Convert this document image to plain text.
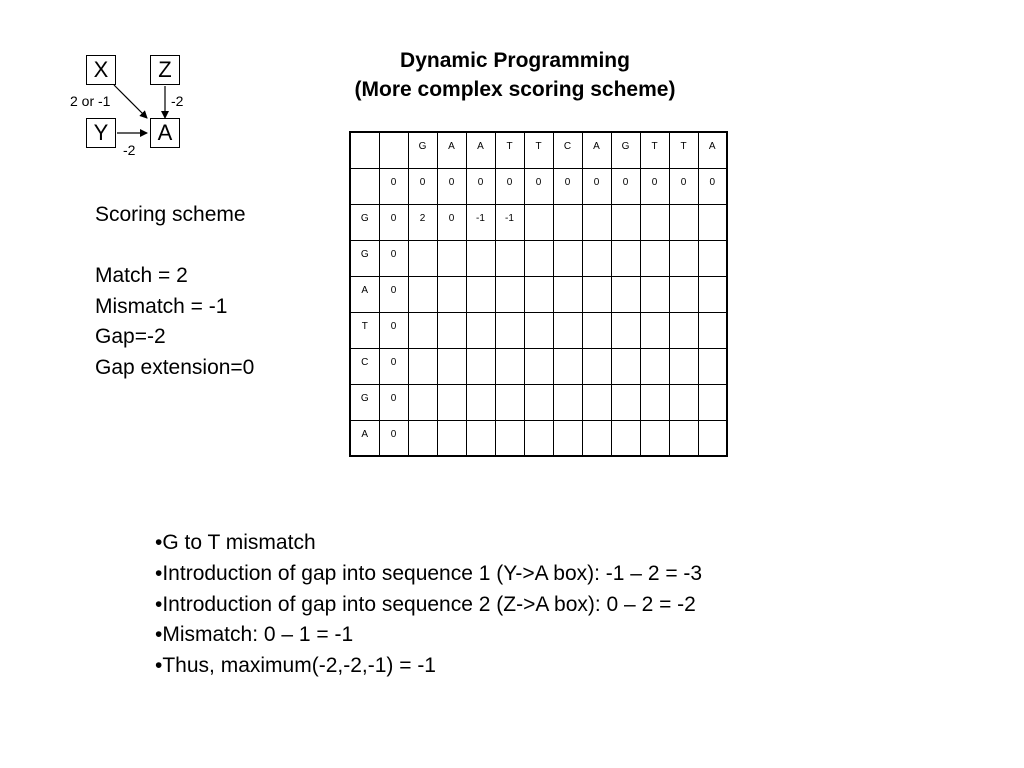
X	Z
Y	A
2 or -1	-2
-2
Dynamic Programming
(More complex scoring scheme)
Scoring scheme
Match = 2
Mismatch = -1
Gap=-2
Gap extension=0
		G	A	A	T	T	C	A	G	T	T	A
	0	0	0	0	0	0	0	0	0	0	0	0
G	0	2	0	-1	-1							
G	0											
A	0											
T	0											
C	0											
G	0											
A	0											
•G to T mismatch
•Introduction of gap into sequence 1 (Y->A box): -1 – 2 = -3
•Introduction of gap into sequence 2 (Z->A box): 0 – 2 = -2
•Mismatch: 0 – 1 = -1
•Thus, maximum(-2,-2,-1) = -1
